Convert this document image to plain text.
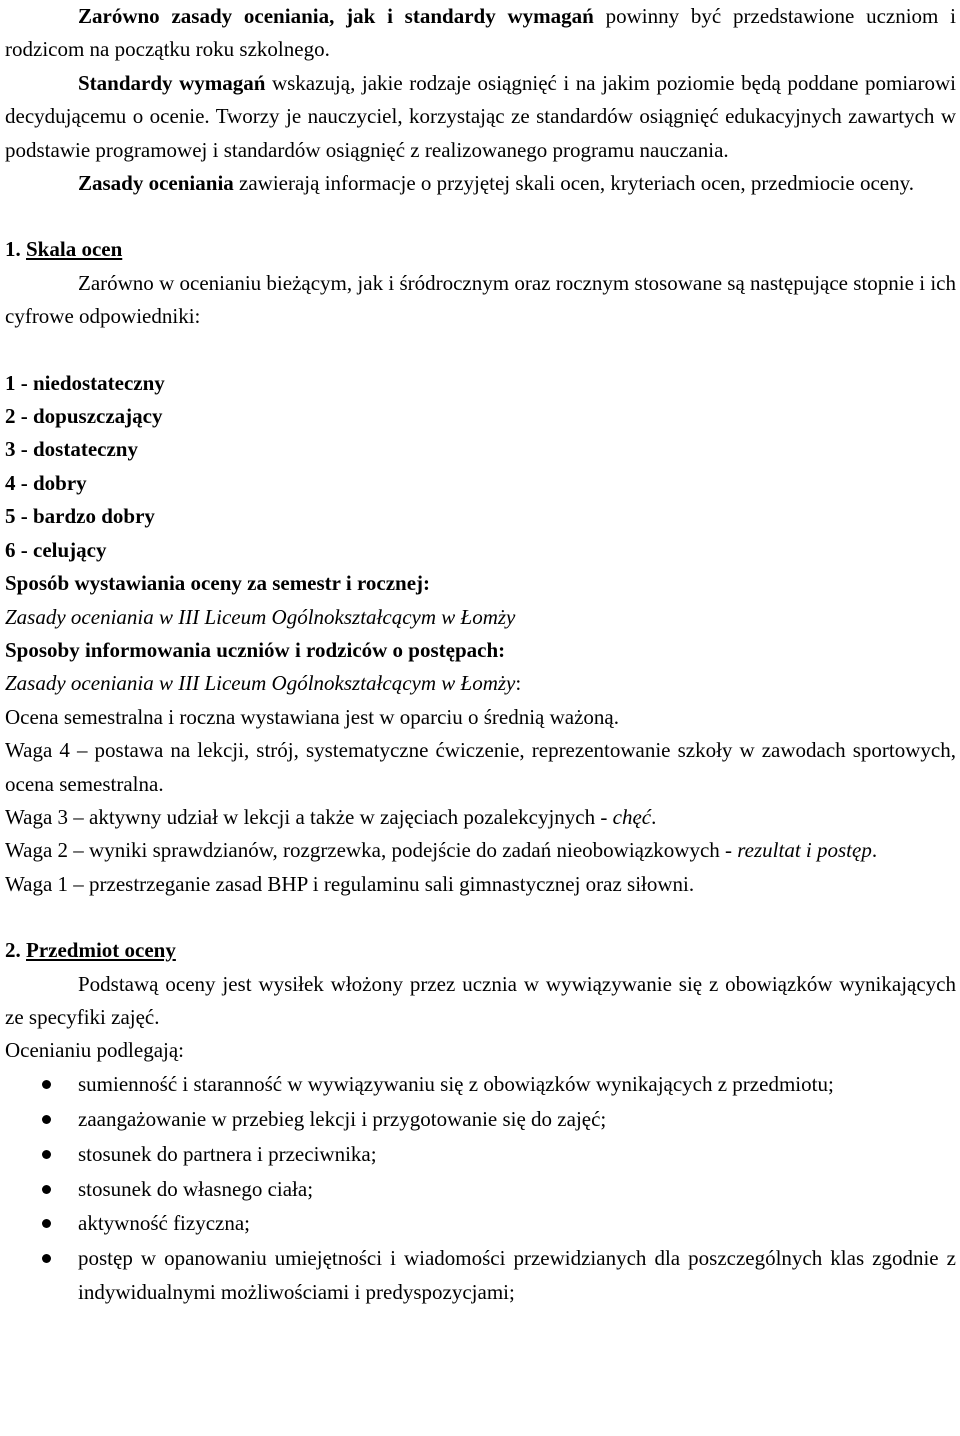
Zarówno zasady oceniania, jak i standardy wymagań powinny być przedstawione uczniom i rodzicom na początku roku szkolnego.

Standardy wymagań wskazują, jakie rodzaje osiągnięć i na jakim poziomie będą poddane pomiarowi decydującemu o ocenie. Tworzy je nauczyciel, korzystając ze standardów osiągnięć edukacyjnych zawartych w podstawie programowej i standardów osiągnięć z realizowanego programu nauczania.

Zasady oceniania zawierają informacje o przyjętej skali ocen, kryteriach ocen, przedmiocie oceny.

1. Skala ocen

Zarówno w ocenianiu bieżącym, jak i śródrocznym oraz rocznym stosowane są następujące stopnie i ich cyfrowe odpowiedniki:

1 - niedostateczny

2 - dopuszczający

3 - dostateczny

4 - dobry

5 - bardzo dobry

6 - celujący

Sposób wystawiania oceny za semestr i rocznej:

Zasady oceniania w III Liceum Ogólnokształcącym w Łomży

Sposoby informowania uczniów i rodziców o postępach:

Zasady oceniania w III Liceum Ogólnokształcącym w Łomży:

Ocena semestralna i roczna wystawiana jest w oparciu o średnią ważoną.

Waga 4 – postawa na lekcji, strój, systematyczne ćwiczenie, reprezentowanie szkoły w zawodach sportowych, ocena semestralna.

Waga 3 – aktywny udział w lekcji a także w zajęciach pozalekcyjnych - chęć.

Waga 2 – wyniki sprawdzianów, rozgrzewka, podejście do zadań nieobowiązkowych - rezultat i postęp.

Waga 1 – przestrzeganie zasad BHP i regulaminu sali gimnastycznej oraz siłowni.

2. Przedmiot oceny

Podstawą oceny jest wysiłek włożony przez ucznia w wywiązywanie się z obowiązków wynikających ze specyfiki zajęć.

Ocenianiu podlegają:

sumienność i staranność w wywiązywaniu się z obowiązków wynikających z przedmiotu;
zaangażowanie w przebieg lekcji i przygotowanie się do zajęć;
stosunek do partnera i przeciwnika;
stosunek do własnego ciała;
aktywność fizyczna;
postęp w opanowaniu umiejętności i wiadomości przewidzianych dla poszczególnych klas zgodnie z indywidualnymi możliwościami i predyspozycjami;
